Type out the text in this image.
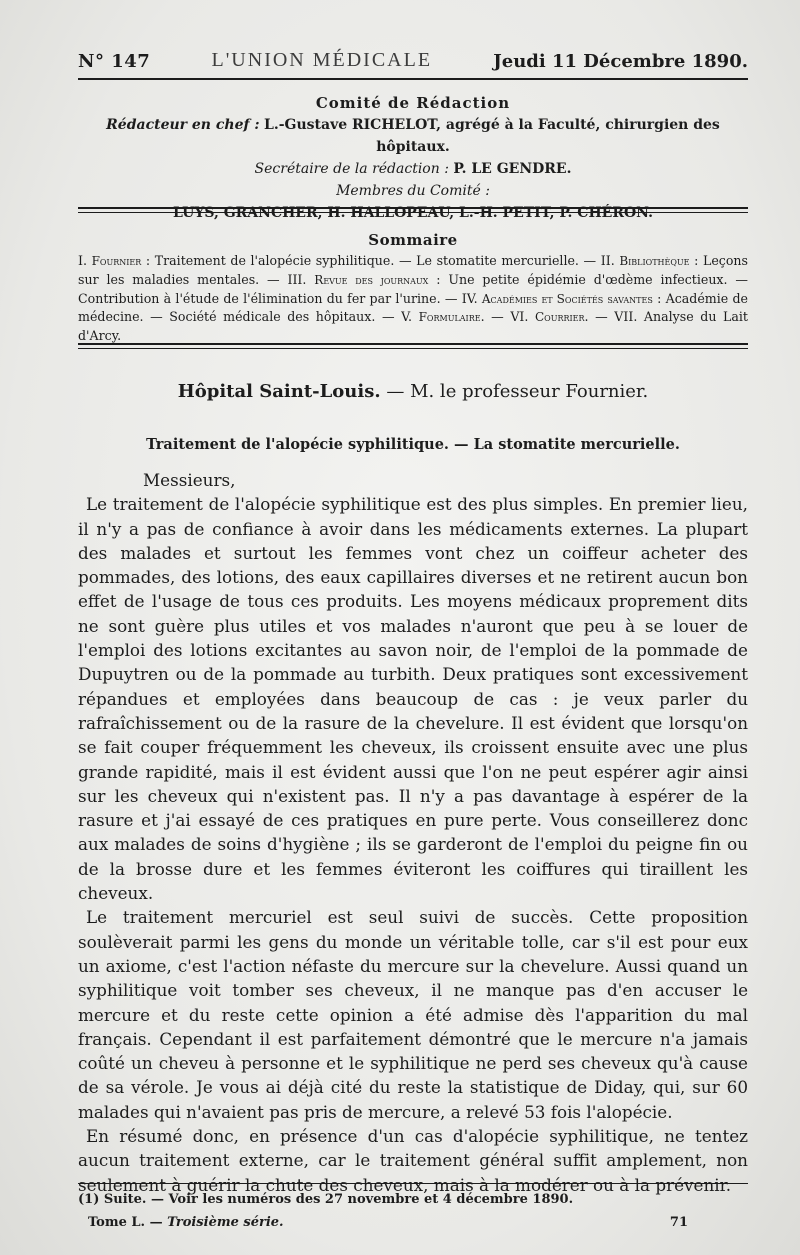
N° 147	L'UNION MÉDICALE	Jeudi 11 Décembre 1890.
Comité de Rédaction
Rédacteur en chef : L.-Gustave RICHELOT, agrégé à la Faculté, chirurgien des hôpitaux.
Secrétaire de la rédaction : P. LE GENDRE.
Membres du Comité :
LUYS, GRANCHER, H. HALLOPEAU, L.-H. PETIT, P. CHÉRON.
Sommaire
I. Fournier : Traitement de l'alopécie syphilitique. — Le stomatite mercurielle. — II. Bibliothèque : Leçons sur les maladies mentales. — III. Revue des journaux : Une petite épidémie d'œdème infectieux. — Contribution à l'étude de l'élimination du fer par l'urine. — IV. Académies et Sociétés savantes : Académie de médecine. — Société médicale des hôpitaux. — V. Formulaire. — VI. Courrier. — VII. Analyse du Lait d'Arcy.
Hôpital Saint-Louis. — M. le professeur Fournier.
Traitement de l'alopécie syphilitique. — La stomatite mercurielle.

Messieurs,

Le traitement de l'alopécie syphilitique est des plus simples. En premier lieu, il n'y a pas de confiance à avoir dans les médicaments externes. La plupart des malades et surtout les femmes vont chez un coiffeur acheter des pommades, des lotions, des eaux capillaires diverses et ne retirent aucun bon effet de l'usage de tous ces produits. Les moyens médicaux proprement dits ne sont guère plus utiles et vos malades n'auront que peu à se louer de l'emploi des lotions excitantes au savon noir, de l'emploi de la pommade de Dupuytren ou de la pommade au turbith. Deux pratiques sont excessivement répandues et employées dans beaucoup de cas : je veux parler du rafraîchissement ou de la rasure de la chevelure. Il est évident que lorsqu'on se fait couper fréquemment les cheveux, ils croissent ensuite avec une plus grande rapidité, mais il est évident aussi que l'on ne peut espérer agir ainsi sur les cheveux qui n'existent pas. Il n'y a pas davantage à espérer de la rasure et j'ai essayé de ces pratiques en pure perte. Vous conseillerez donc aux malades de soins d'hygiène ; ils se garderont de l'emploi du peigne fin ou de la brosse dure et les femmes éviteront les coiffures qui tiraillent les cheveux.

Le traitement mercuriel est seul suivi de succès. Cette proposition soulèverait parmi les gens du monde un véritable tolle, car s'il est pour eux un axiome, c'est l'action néfaste du mercure sur la chevelure. Aussi quand un syphilitique voit tomber ses cheveux, il ne manque pas d'en accuser le mercure et du reste cette opinion a été admise dès l'apparition du mal français. Cependant il est parfaitement démontré que le mercure n'a jamais coûté un cheveu à personne et le syphilitique ne perd ses cheveux qu'à cause de sa vérole. Je vous ai déjà cité du reste la statistique de Diday, qui, sur 60 malades qui n'avaient pas pris de mercure, a relevé 53 fois l'alopécie.

En résumé donc, en présence d'un cas d'alopécie syphilitique, ne tentez aucun traitement externe, car le traitement général suffit amplement, non seulement à guérir la chute des cheveux, mais à la modérer ou à la prévenir.

(1) Suite. — Voir les numéros des 27 novembre et 4 décembre 1890.
Tome L. — Troisième série.	71
